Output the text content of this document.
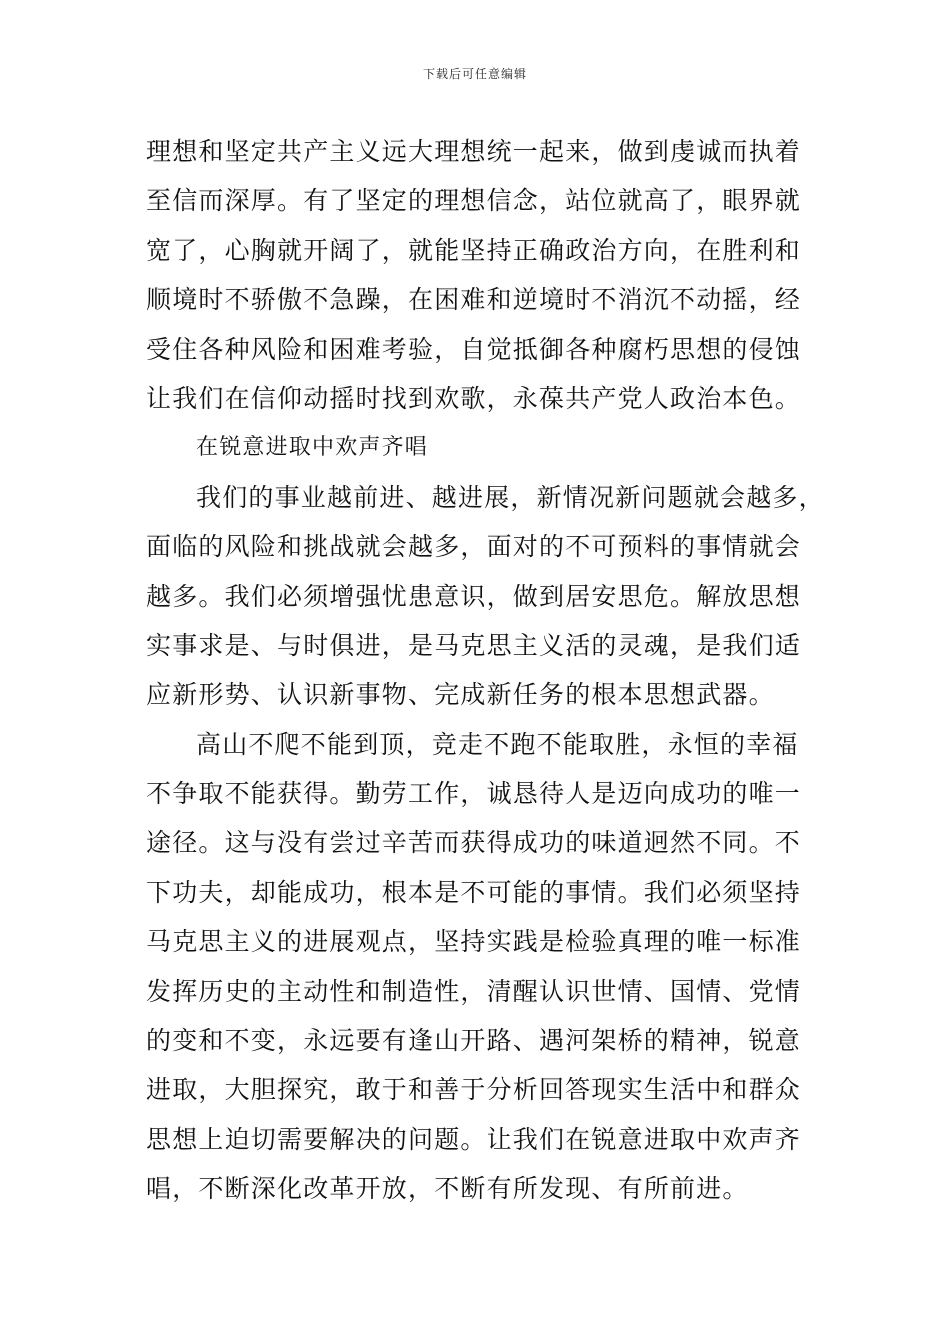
下载后可任意编辑
理想和坚定共产主义远大理想统一起来，做到虔诚而执着
至信而深厚。有了坚定的理想信念，站位就高了，眼界就
宽了，心胸就开阔了，就能坚持正确政治方向，在胜利和
顺境时不骄傲不急躁，在困难和逆境时不消沉不动摇，经
受住各种风险和困难考验，自觉抵御各种腐朽思想的侵蚀
让我们在信仰动摇时找到欢歌，永葆共产党人政治本色。
在锐意进取中欢声齐唱
我们的事业越前进、越进展，新情况新问题就会越多，
面临的风险和挑战就会越多，面对的不可预料的事情就会
越多。我们必须增强忧患意识，做到居安思危。解放思想
实事求是、与时俱进，是马克思主义活的灵魂，是我们适
应新形势、认识新事物、完成新任务的根本思想武器。
高山不爬不能到顶，竞走不跑不能取胜，永恒的幸福
不争取不能获得。勤劳工作，诚恳待人是迈向成功的唯一
途径。这与没有尝过辛苦而获得成功的味道迥然不同。不
下功夫，却能成功，根本是不可能的事情。我们必须坚持
马克思主义的进展观点，坚持实践是检验真理的唯一标准
发挥历史的主动性和制造性，清醒认识世情、国情、党情
的变和不变，永远要有逢山开路、遇河架桥的精神，锐意
进取，大胆探究，敢于和善于分析回答现实生活中和群众
思想上迫切需要解决的问题。让我们在锐意进取中欢声齐
唱，不断深化改革开放，不断有所发现、有所前进。
